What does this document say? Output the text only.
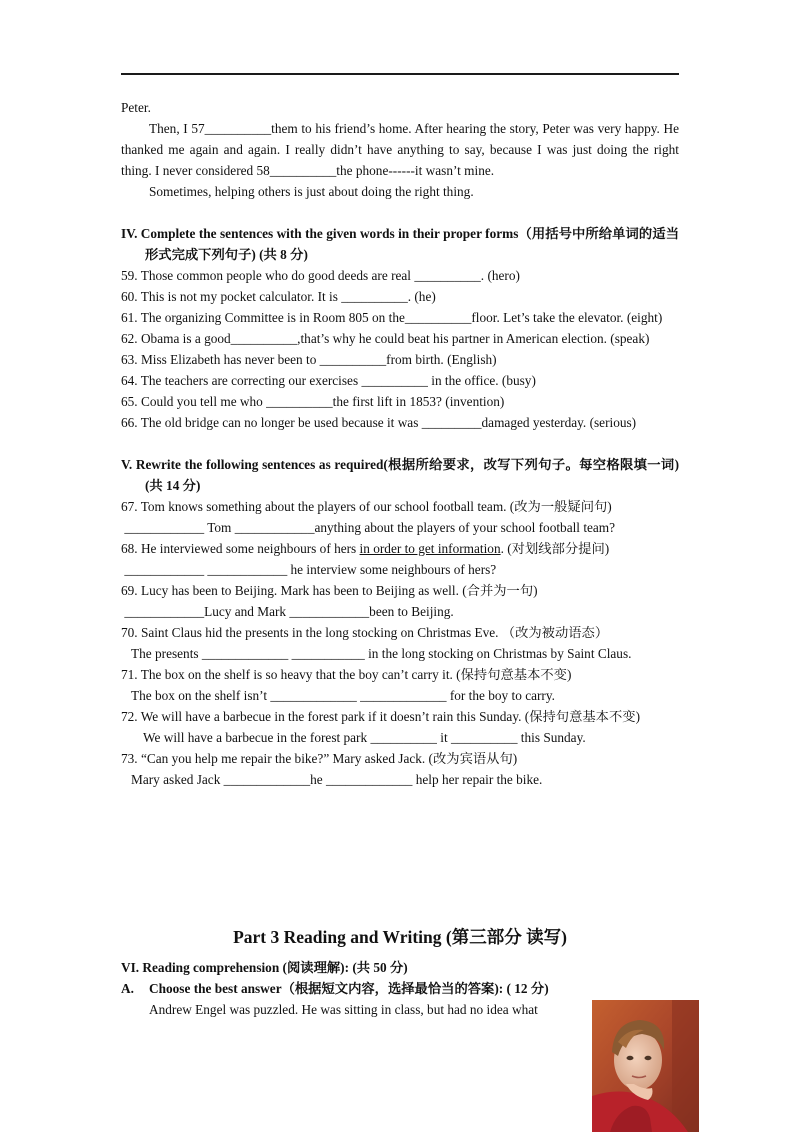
Peter.

Then, I 57__________them to his friend’s home. After hearing the story, Peter was very happy. He thanked me again and again. I really didn’t have anything to say, because I was just doing the right thing. I never considered 58__________the phone------it wasn’t mine.

Sometimes, helping others is just about doing the right thing.

IV. Complete the sentences with the given words in their proper forms（用括号中所给单词的适当形式完成下列句子) (共 8 分)

59. Those common people who do good deeds are real __________. (hero)

60. This is not my pocket calculator. It is __________. (he)

61. The organizing Committee is in Room 805 on the__________floor. Let’s take the elevator. (eight)

62. Obama is a good__________,that’s why he could beat his partner in American election. (speak)

63. Miss Elizabeth has never been to __________from birth. (English)

64. The teachers are correcting our exercises __________ in the office. (busy)

65. Could you tell me who __________the first lift in 1853? (invention)

66. The old bridge can no longer be used because it was _________damaged yesterday. (serious)

V. Rewrite the following sentences as required(根据所给要求，改写下列句子。每空格限填一词) (共 14 分)

67. Tom knows something about the players of our school football team. (改为一般疑问句)

____________ Tom ____________anything about the players of your school football team?

68. He interviewed some neighbours of hers in order to get information. (对划线部分提问)

____________ ____________ he interview some neighbours of hers?

69. Lucy has been to Beijing. Mark has been to Beijing as well. (合并为一句)

____________Lucy and Mark ____________been to Beijing.

70. Saint Claus hid the presents in the long stocking on Christmas Eve. （改为被动语态）

The presents _____________ ___________ in the long stocking on Christmas by Saint Claus.

71. The box on the shelf is so heavy that the boy can’t carry it. (保持句意基本不变)

The box on the shelf isn’t _____________ _____________ for the boy to carry.

72. We will have a barbecue in the forest park if it doesn’t rain this Sunday. (保持句意基本不变)

We will have a barbecue in the forest park __________ it __________ this Sunday.

73. “Can you help me repair the bike?” Mary asked Jack. (改为宾语从句)

Mary asked Jack _____________he _____________ help her repair the bike.

Part 3 Reading and Writing (第三部分 读写)

VI. Reading comprehension (阅读理解): (共 50 分)

A. Choose the best answer（根据短文内容，选择最恰当的答案): ( 12 分)

Andrew Engel was puzzled. He was sitting in class, but had no idea what
